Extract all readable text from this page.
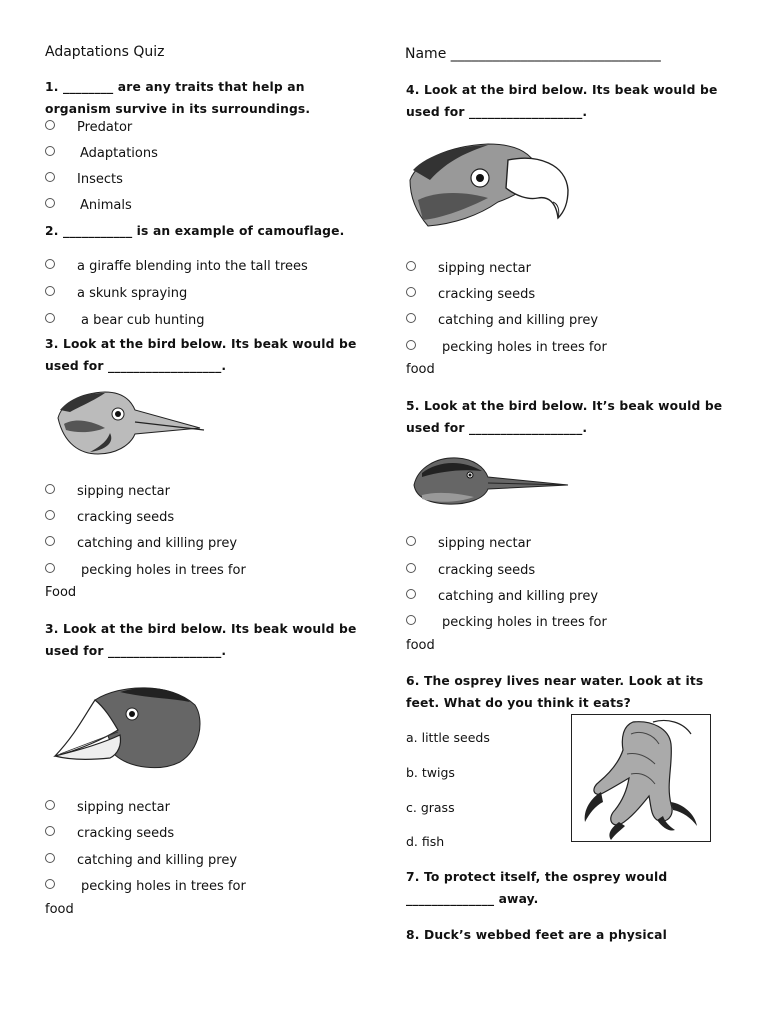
Adaptations Quiz	Name ______________________________
1. ________ are any traits that help an
organism survive in its surroundings.
Predator
Adaptations
Insects
Animals
2. ___________ is an example of camouflage.
a giraffe blending into the tall trees
a skunk spraying
a bear cub hunting
3. Look at the bird below. Its beak would be
used for __________________.
sipping nectar
cracking seeds
catching and killing prey
pecking holes in trees for
Food
3. Look at the bird below. Its beak would be
used for __________________.
sipping nectar
cracking seeds
catching and killing prey
pecking holes in trees for
food
4. Look at the bird below. Its beak would be
used for __________________.
sipping nectar
cracking seeds
catching and killing prey
pecking holes in trees for
food
5. Look at the bird below. It’s beak would be
used for __________________.
sipping nectar
cracking seeds
catching and killing prey
pecking holes in trees for
food
6. The osprey lives near water. Look at its
feet. What do you think it eats?
a. little seeds
b. twigs
c. grass
d. fish
7. To protect itself, the osprey would
______________ away.
8. Duck’s webbed feet are a physical
